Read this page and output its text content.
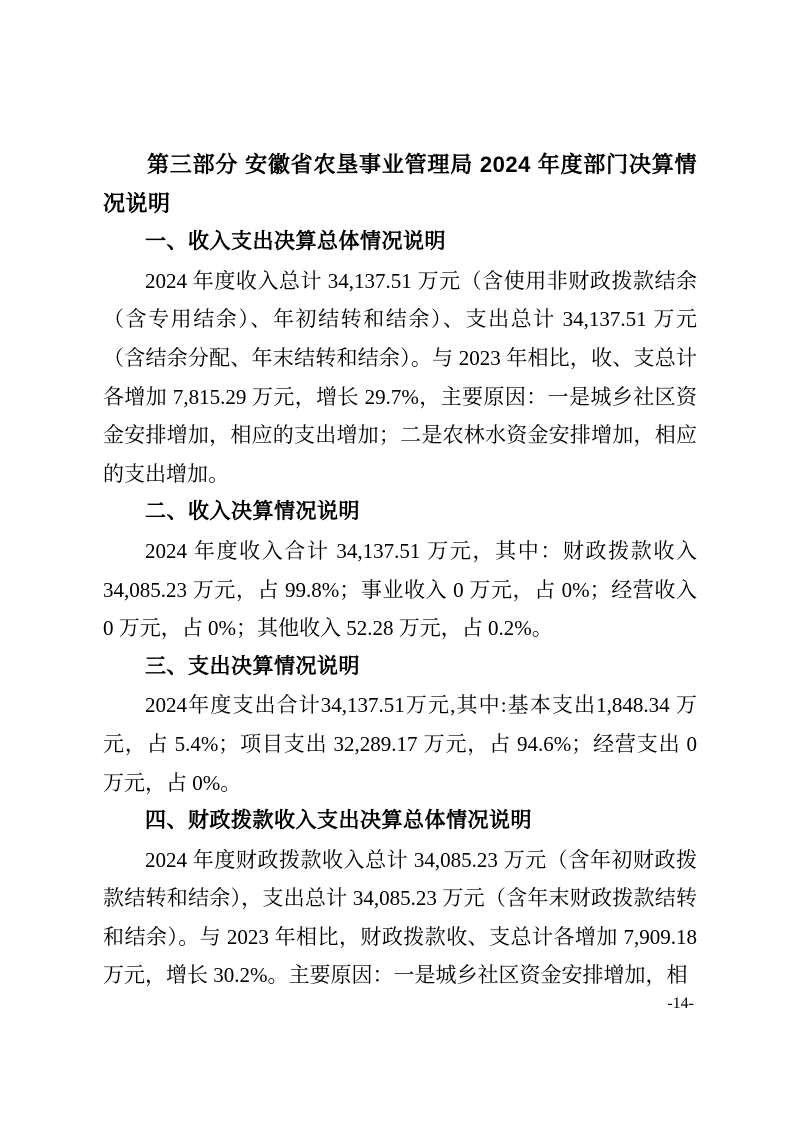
第三部分 安徽省农垦事业管理局 2024 年度部门决算情况说明
一、收入支出决算总体情况说明

2024 年度收入总计 34,137.51 万元（含使用非财政拨款结余（含专用结余）、年初结转和结余）、支出总计 34,137.51 万元（含结余分配、年末结转和结余）。与 2023 年相比，收、支总计各增加 7,815.29 万元，增长 29.7%，主要原因：一是城乡社区资金安排增加，相应的支出增加；二是农林水资金安排增加，相应的支出增加。

二、收入决算情况说明

2024 年度收入合计 34,137.51 万元，其中：财政拨款收入 34,085.23 万元，占 99.8%；事业收入 0 万元，占 0%；经营收入 0 万元，占 0%；其他收入 52.28 万元，占 0.2%。

三、支出决算情况说明

2024年度支出合计34,137.51万元,其中:基本支出1,848.34 万元，占 5.4%；项目支出 32,289.17 万元，占 94.6%；经营支出 0 万元，占 0%。

四、财政拨款收入支出决算总体情况说明

2024 年度财政拨款收入总计 34,085.23 万元（含年初财政拨款结转和结余），支出总计 34,085.23 万元（含年末财政拨款结转和结余）。与 2023 年相比，财政拨款收、支总计各增加 7,909.18 万元，增长 30.2%。主要原因：一是城乡社区资金安排增加，相

-14-
